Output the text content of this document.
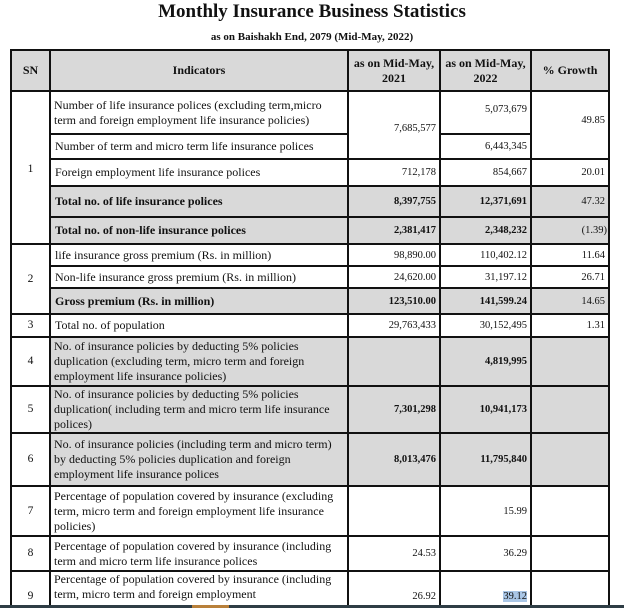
Monthly Insurance Business Statistics
as on Baishakh End, 2079 (Mid-May, 2022)
SN	Indicators	as on Mid-May, 2021	as on Mid-May, 2022	% Growth
1	Number of life insurance polices (excluding term,micro term and foreign employment life insurance policies)	7,685,577	5,073,679	49.85
	Number of term and micro term life insurance polices		6,443,345	
	Foreign employment life insurance polices	712,178	854,667	20.01
	Total no. of life insurance polices	8,397,755	12,371,691	47.32
	Total no. of non-life insurance polices	2,381,417	2,348,232	(1.39)
2	life insurance gross premium (Rs. in million)	98,890.00	110,402.12	11.64
	Non-life insurance gross premium (Rs. in million)	24,620.00	31,197.12	26.71
	Gross premium (Rs. in million)	123,510.00	141,599.24	14.65
3	Total no. of population	29,763,433	30,152,495	1.31
4	No. of insurance policies by deducting 5% policies duplication (excluding term, micro term and foreign employment life insurance policies)		4,819,995	
5	No. of insurance policies by deducting 5% policies duplication( including term and micro term life insurance polices)	7,301,298	10,941,173	
6	No. of insurance policies (including term and micro term) by deducting 5% policies duplication and foreign employment life insurance polices	8,013,476	11,795,840	
7	Percentage of population covered by insurance (excluding term, micro term and foreign employment life insurance policies)		15.99	
8	Percentage of population covered by insurance (including term and micro term life insurance polices	24.53	36.29	
9	Percentage of population covered by insurance (including term, micro term and foreign employment	26.92	39.12	
